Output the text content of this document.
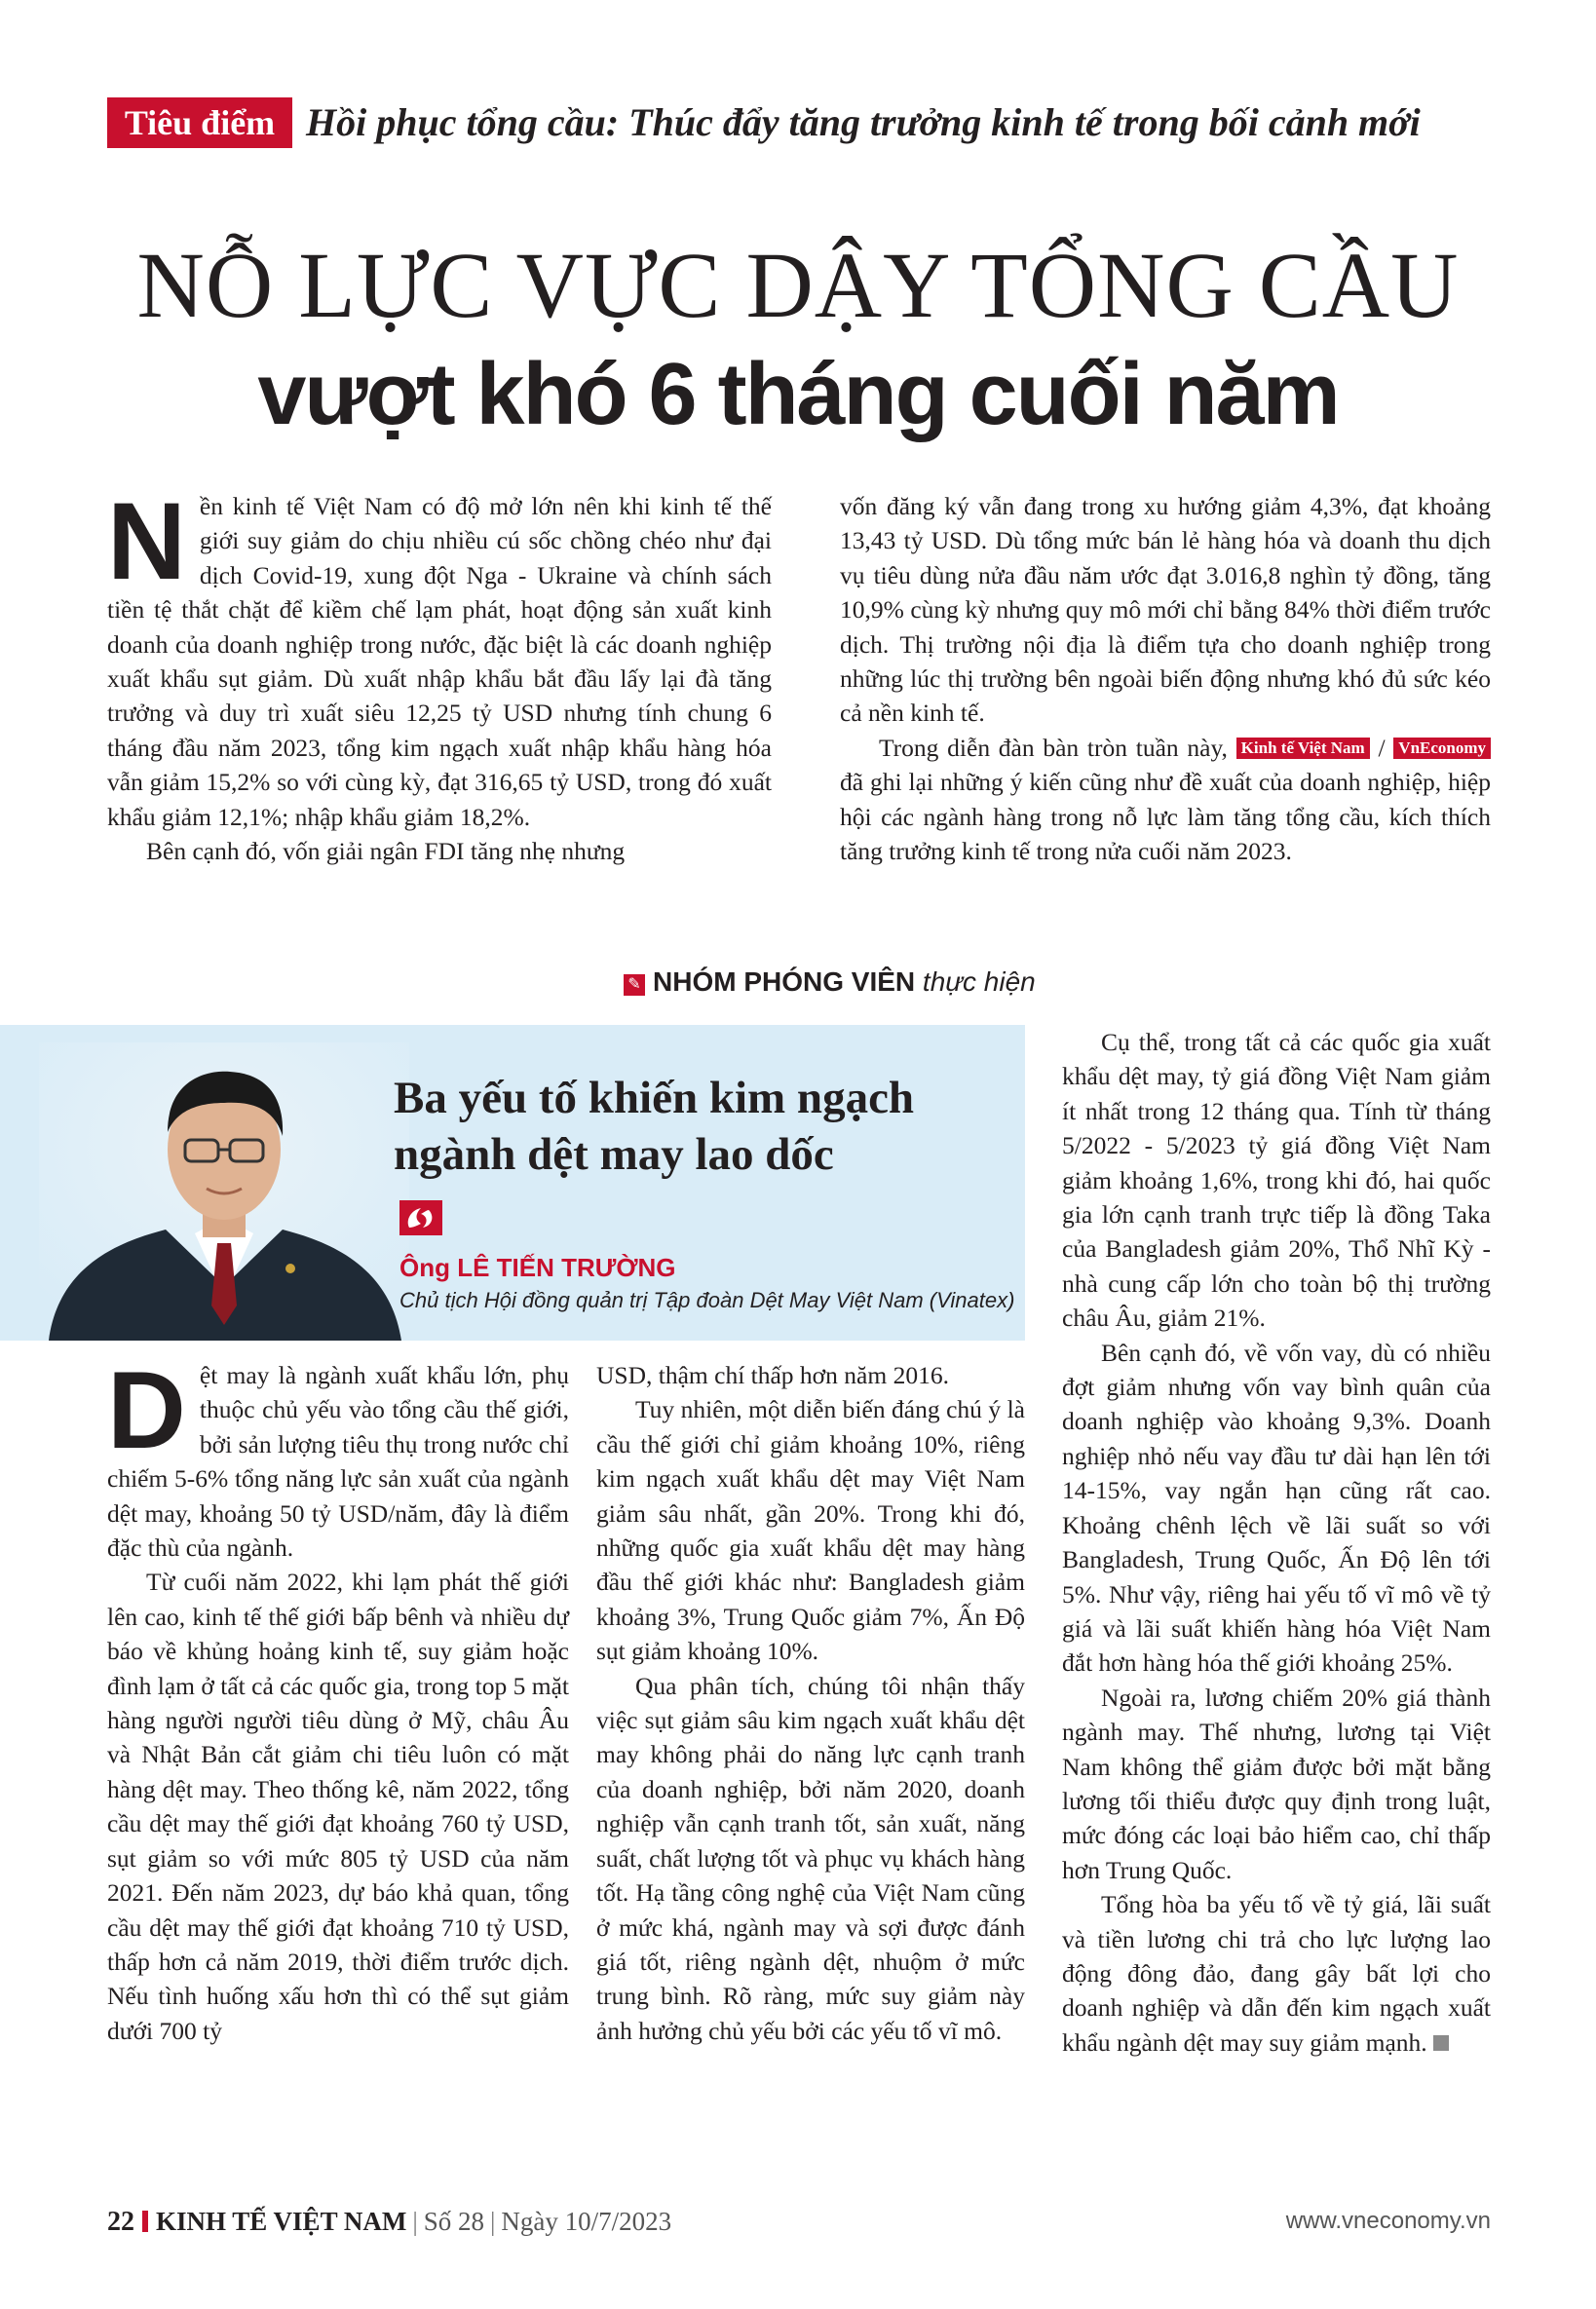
Tiêu điểm Hồi phục tổng cầu: Thúc đẩy tăng trưởng kinh tế trong bối cảnh mới
NỖ LỰC VỰC DẬY TỔNG CẦU
vượt khó 6 tháng cuối năm

Nền kinh tế Việt Nam có độ mở lớn nên khi kinh tế thế giới suy giảm do chịu nhiều cú sốc chồng chéo như đại dịch Covid-19, xung đột Nga - Ukraine và chính sách tiền tệ thắt chặt để kiềm chế lạm phát, hoạt động sản xuất kinh doanh của doanh nghiệp trong nước, đặc biệt là các doanh nghiệp xuất khẩu sụt giảm. Dù xuất nhập khẩu bắt đầu lấy lại đà tăng trưởng và duy trì xuất siêu 12,25 tỷ USD nhưng tính chung 6 tháng đầu năm 2023, tổng kim ngạch xuất nhập khẩu hàng hóa vẫn giảm 15,2% so với cùng kỳ, đạt 316,65 tỷ USD, trong đó xuất khẩu giảm 12,1%; nhập khẩu giảm 18,2%.

Bên cạnh đó, vốn giải ngân FDI tăng nhẹ nhưng

vốn đăng ký vẫn đang trong xu hướng giảm 4,3%, đạt khoảng 13,43 tỷ USD. Dù tổng mức bán lẻ hàng hóa và doanh thu dịch vụ tiêu dùng nửa đầu năm ước đạt 3.016,8 nghìn tỷ đồng, tăng 10,9% cùng kỳ nhưng quy mô mới chỉ bằng 84% thời điểm trước dịch. Thị trường nội địa là điểm tựa cho doanh nghiệp trong những lúc thị trường bên ngoài biến động nhưng khó đủ sức kéo cả nền kinh tế.

Trong diễn đàn bàn tròn tuần này, Kinh tế Việt Nam / VnEconomy đã ghi lại những ý kiến cũng như đề xuất của doanh nghiệp, hiệp hội các ngành hàng trong nỗ lực làm tăng tổng cầu, kích thích tăng trưởng kinh tế trong nửa cuối năm 2023.

✎ NHÓM PHÓNG VIÊN thực hiện
Ba yếu tố khiến kim ngạch ngành dệt may lao dốc
Ông LÊ TIẾN TRƯỜNG
Chủ tịch Hội đồng quản trị Tập đoàn Dệt May Việt Nam (Vinatex)

Dệt may là ngành xuất khẩu lớn, phụ thuộc chủ yếu vào tổng cầu thế giới, bởi sản lượng tiêu thụ trong nước chỉ chiếm 5-6% tổng năng lực sản xuất của ngành dệt may, khoảng 50 tỷ USD/năm, đây là điểm đặc thù của ngành.

Từ cuối năm 2022, khi lạm phát thế giới lên cao, kinh tế thế giới bấp bênh và nhiều dự báo về khủng hoảng kinh tế, suy giảm hoặc đình lạm ở tất cả các quốc gia, trong top 5 mặt hàng người người tiêu dùng ở Mỹ, châu Âu và Nhật Bản cắt giảm chi tiêu luôn có mặt hàng dệt may. Theo thống kê, năm 2022, tổng cầu dệt may thế giới đạt khoảng 760 tỷ USD, sụt giảm so với mức 805 tỷ USD của năm 2021. Đến năm 2023, dự báo khả quan, tổng cầu dệt may thế giới đạt khoảng 710 tỷ USD, thấp hơn cả năm 2019, thời điểm trước dịch. Nếu tình huống xấu hơn thì có thể sụt giảm dưới 700 tỷ

USD, thậm chí thấp hơn năm 2016.

Tuy nhiên, một diễn biến đáng chú ý là cầu thế giới chỉ giảm khoảng 10%, riêng kim ngạch xuất khẩu dệt may Việt Nam giảm sâu nhất, gần 20%. Trong khi đó, những quốc gia xuất khẩu dệt may hàng đầu thế giới khác như: Bangladesh giảm khoảng 3%, Trung Quốc giảm 7%, Ấn Độ sụt giảm khoảng 10%.

Qua phân tích, chúng tôi nhận thấy việc sụt giảm sâu kim ngạch xuất khẩu dệt may không phải do năng lực cạnh tranh của doanh nghiệp, bởi năm 2020, doanh nghiệp vẫn cạnh tranh tốt, sản xuất, năng suất, chất lượng tốt và phục vụ khách hàng tốt. Hạ tầng công nghệ của Việt Nam cũng ở mức khá, ngành may và sợi được đánh giá tốt, riêng ngành dệt, nhuộm ở mức trung bình. Rõ ràng, mức suy giảm này ảnh hưởng chủ yếu bởi các yếu tố vĩ mô.

Cụ thể, trong tất cả các quốc gia xuất khẩu dệt may, tỷ giá đồng Việt Nam giảm ít nhất trong 12 tháng qua. Tính từ tháng 5/2022 - 5/2023 tỷ giá đồng Việt Nam giảm khoảng 1,6%, trong khi đó, hai quốc gia lớn cạnh tranh trực tiếp là đồng Taka của Bangladesh giảm 20%, Thổ Nhĩ Kỳ - nhà cung cấp lớn cho toàn bộ thị trường châu Âu, giảm 21%.

Bên cạnh đó, về vốn vay, dù có nhiều đợt giảm nhưng vốn vay bình quân của doanh nghiệp vào khoảng 9,3%. Doanh nghiệp nhỏ nếu vay đầu tư dài hạn lên tới 14-15%, vay ngắn hạn cũng rất cao. Khoảng chênh lệch về lãi suất so với Bangladesh, Trung Quốc, Ấn Độ lên tới 5%. Như vậy, riêng hai yếu tố vĩ mô về tỷ giá và lãi suất khiến hàng hóa Việt Nam đắt hơn hàng hóa thế giới khoảng 25%.

Ngoài ra, lương chiếm 20% giá thành ngành may. Thế nhưng, lương tại Việt Nam không thể giảm được bởi mặt bằng lương tối thiểu được quy định trong luật, mức đóng các loại bảo hiểm cao, chỉ thấp hơn Trung Quốc.

Tổng hòa ba yếu tố về tỷ giá, lãi suất và tiền lương chi trả cho lực lượng lao động đông đảo, đang gây bất lợi cho doanh nghiệp và dẫn đến kim ngạch xuất khẩu ngành dệt may suy giảm mạnh.

22 KINH TẾ VIỆT NAM | Số 28 | Ngày 10/7/2023	www.vneconomy.vn
